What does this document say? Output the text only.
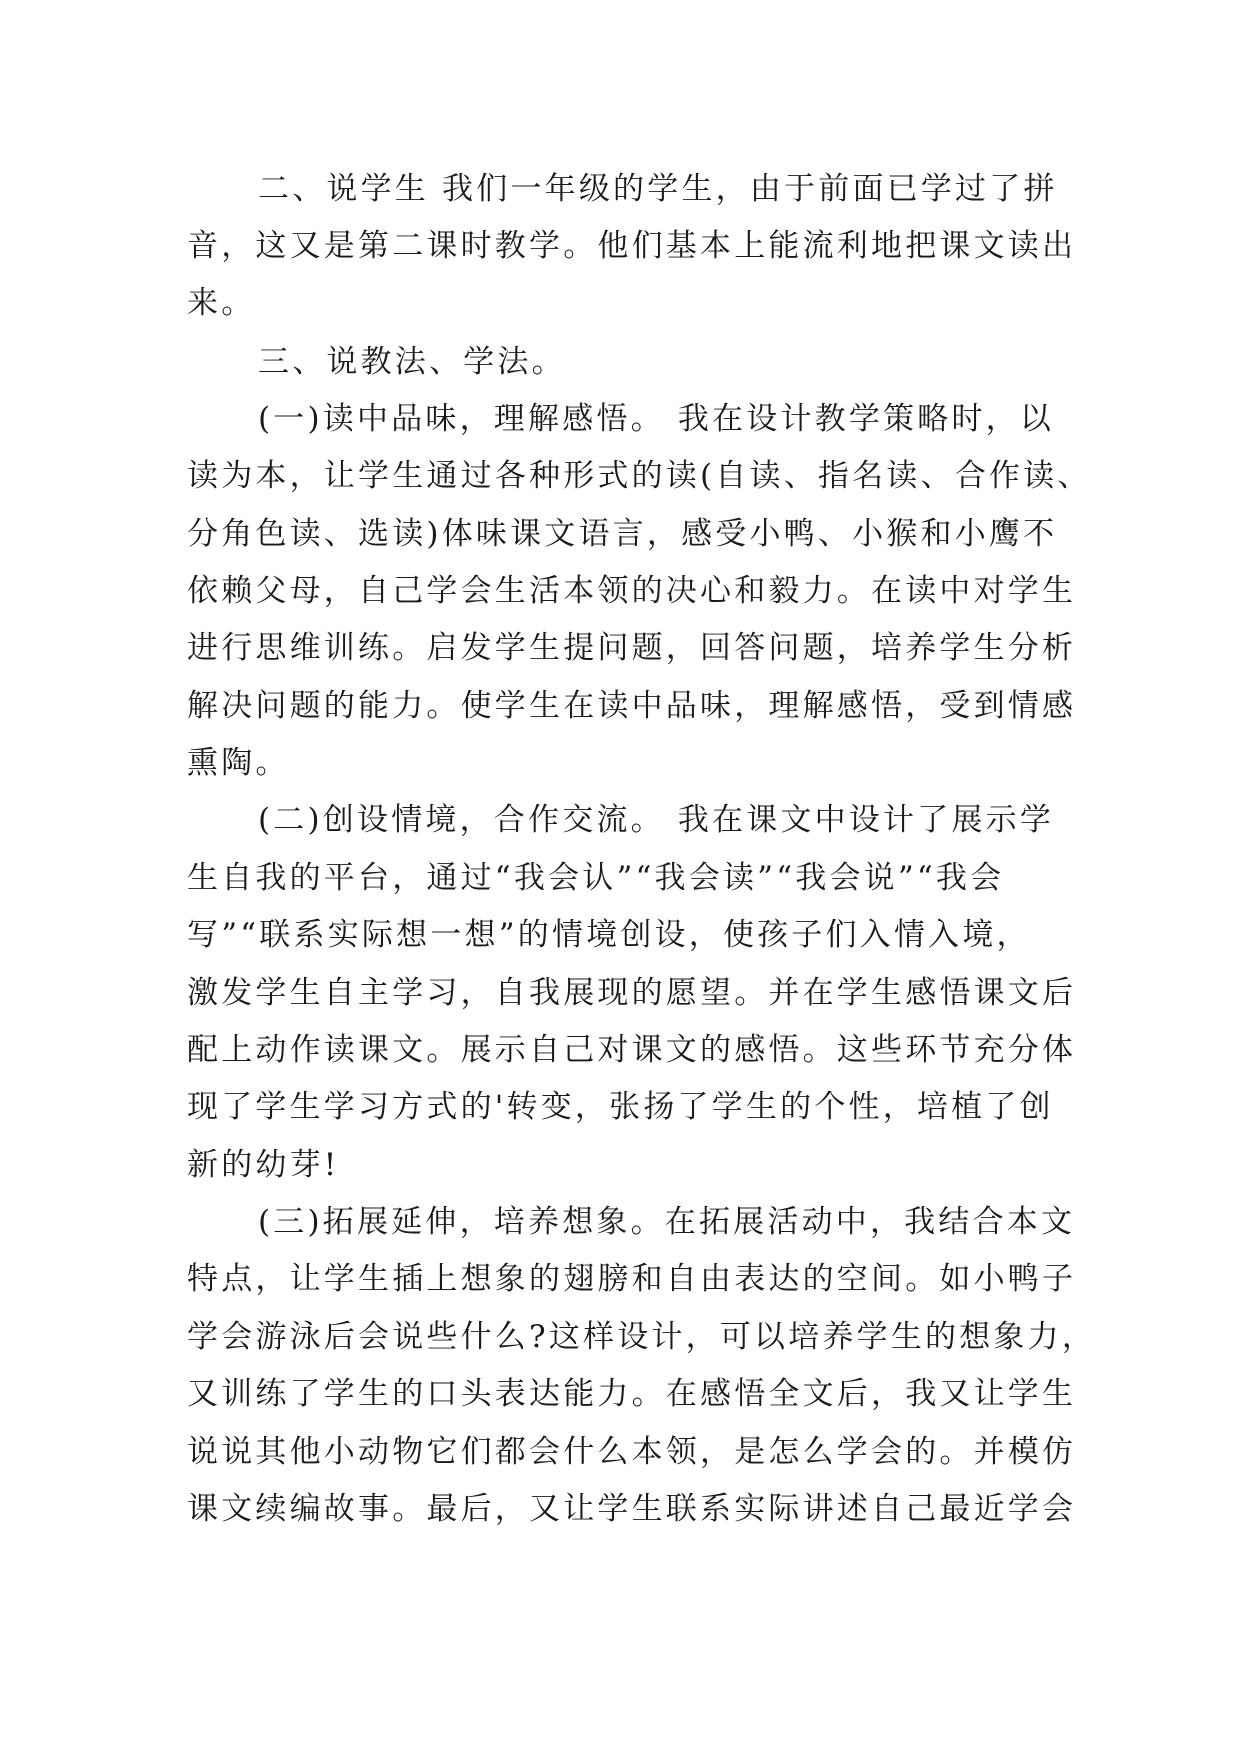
二、说学生 我们一年级的学生，由于前面已学过了拼
音，这又是第二课时教学。他们基本上能流利地把课文读出
来。
三、说教法、学法。
(一)读中品味，理解感悟。 我在设计教学策略时，以
读为本，让学生通过各种形式的读(自读、指名读、合作读、
分角色读、选读)体味课文语言，感受小鸭、小猴和小鹰不
依赖父母，自己学会生活本领的决心和毅力。在读中对学生
进行思维训练。启发学生提问题，回答问题，培养学生分析
解决问题的能力。使学生在读中品味，理解感悟，受到情感
熏陶。
(二)创设情境，合作交流。 我在课文中设计了展示学
生自我的平台，通过“我会认”“我会读”“我会说”“我会
写”“联系实际想一想”的情境创设，使孩子们入情入境，
激发学生自主学习，自我展现的愿望。并在学生感悟课文后
配上动作读课文。展示自己对课文的感悟。这些环节充分体
现了学生学习方式的'转变，张扬了学生的个性，培植了创
新的幼芽!
(三)拓展延伸，培养想象。在拓展活动中，我结合本文
特点，让学生插上想象的翅膀和自由表达的空间。如小鸭子
学会游泳后会说些什么?这样设计，可以培养学生的想象力，
又训练了学生的口头表达能力。在感悟全文后，我又让学生
说说其他小动物它们都会什么本领，是怎么学会的。并模仿
课文续编故事。最后，又让学生联系实际讲述自己最近学会
